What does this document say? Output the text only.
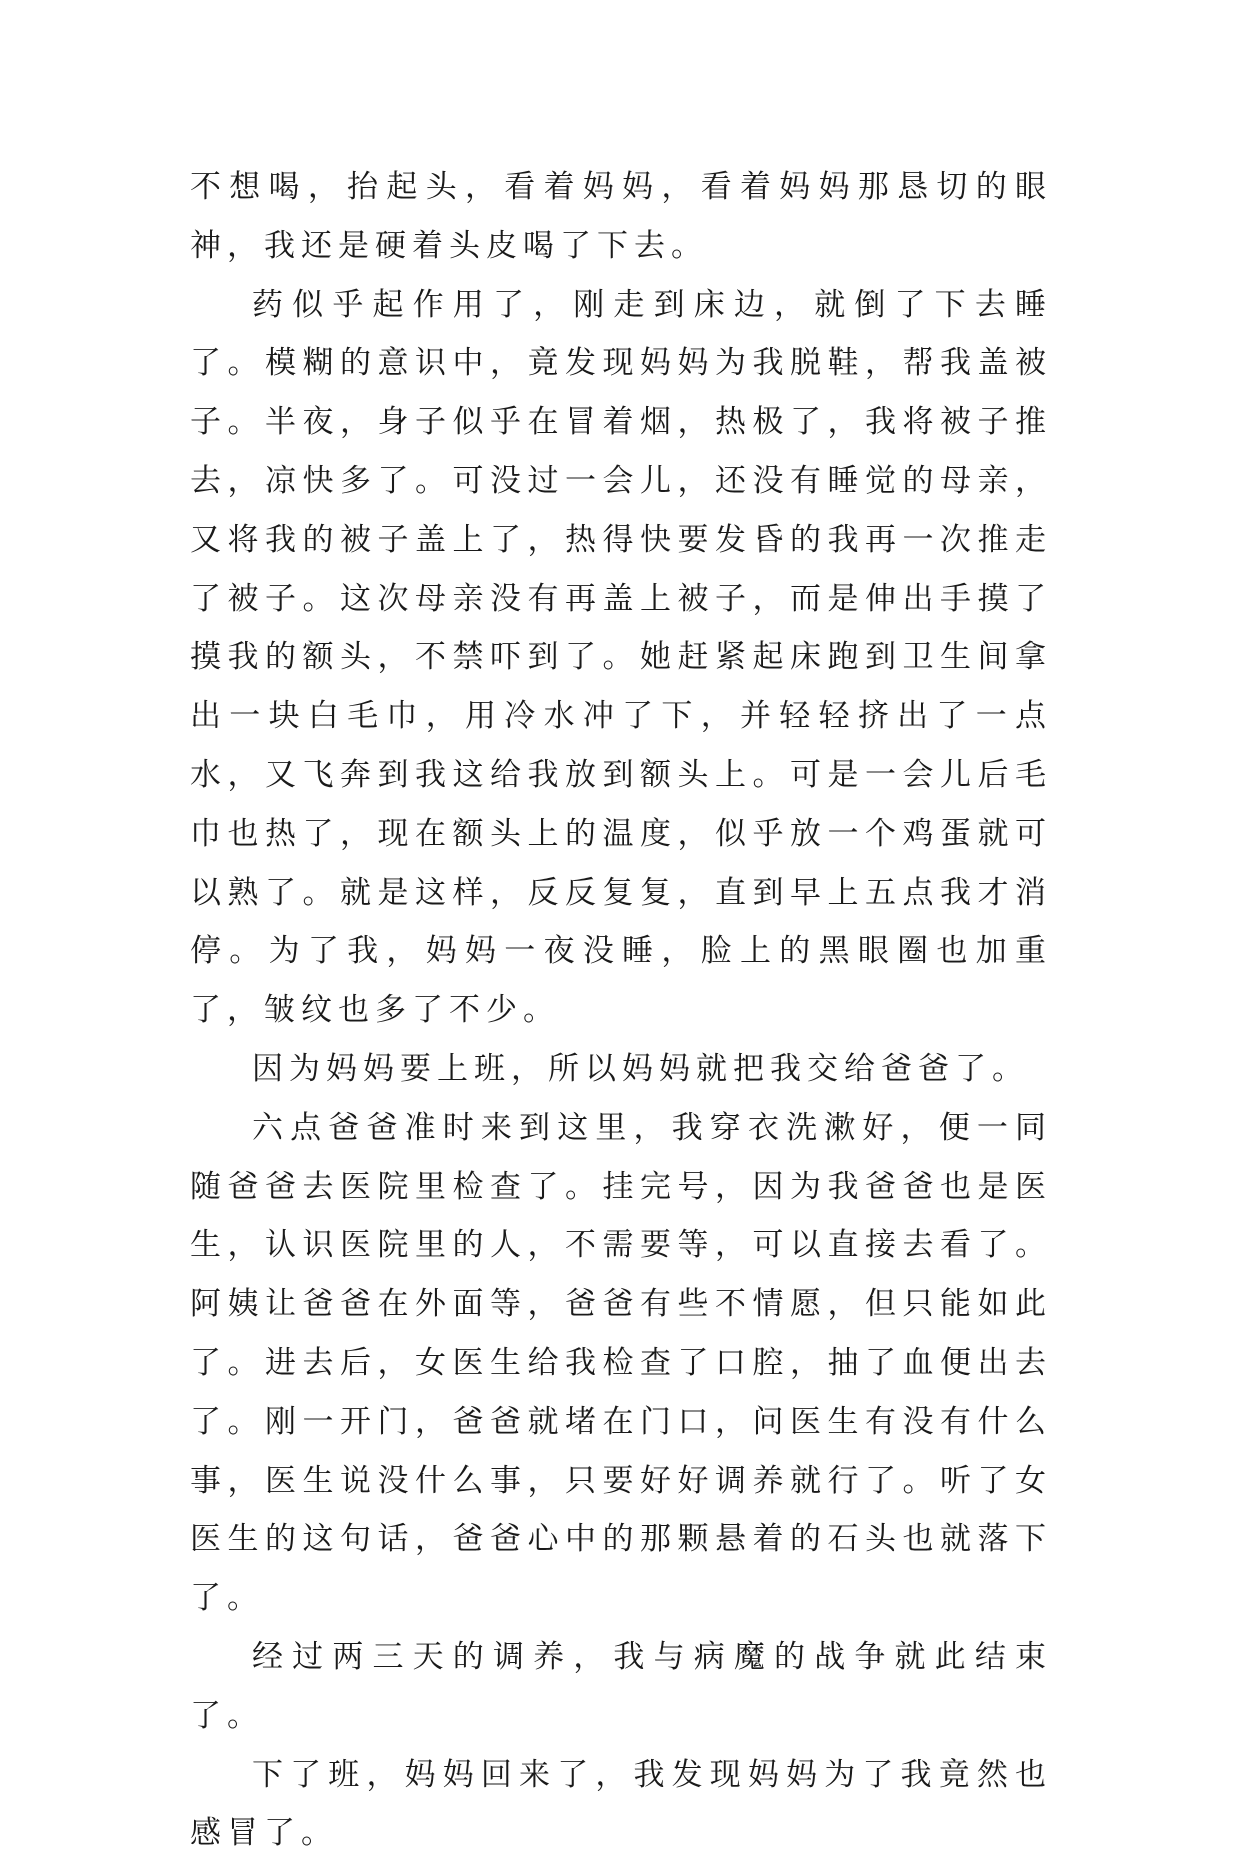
不想喝，抬起头，看着妈妈，看着妈妈那恳切的眼神，我还是硬着头皮喝了下去。

药似乎起作用了，刚走到床边，就倒了下去睡了。模糊的意识中，竟发现妈妈为我脱鞋，帮我盖被子。半夜，身子似乎在冒着烟，热极了，我将被子推去，凉快多了。可没过一会儿，还没有睡觉的母亲，又将我的被子盖上了，热得快要发昏的我再一次推走了被子。这次母亲没有再盖上被子，而是伸出手摸了摸我的额头，不禁吓到了。她赶紧起床跑到卫生间拿出一块白毛巾，用冷水冲了下，并轻轻挤出了一点水，又飞奔到我这给我放到额头上。可是一会儿后毛巾也热了，现在额头上的温度，似乎放一个鸡蛋就可以熟了。就是这样，反反复复，直到早上五点我才消停。为了我，妈妈一夜没睡，脸上的黑眼圈也加重了，皱纹也多了不少。

因为妈妈要上班，所以妈妈就把我交给爸爸了。

六点爸爸准时来到这里，我穿衣洗漱好，便一同随爸爸去医院里检查了。挂完号，因为我爸爸也是医生，认识医院里的人，不需要等，可以直接去看了。阿姨让爸爸在外面等，爸爸有些不情愿，但只能如此了。进去后，女医生给我检查了口腔，抽了血便出去了。刚一开门，爸爸就堵在门口，问医生有没有什么事，医生说没什么事，只要好好调养就行了。听了女医生的这句话，爸爸心中的那颗悬着的石头也就落下了。

经过两三天的调养，我与病魔的战争就此结束了。

下了班，妈妈回来了，我发现妈妈为了我竟然也感冒了。
